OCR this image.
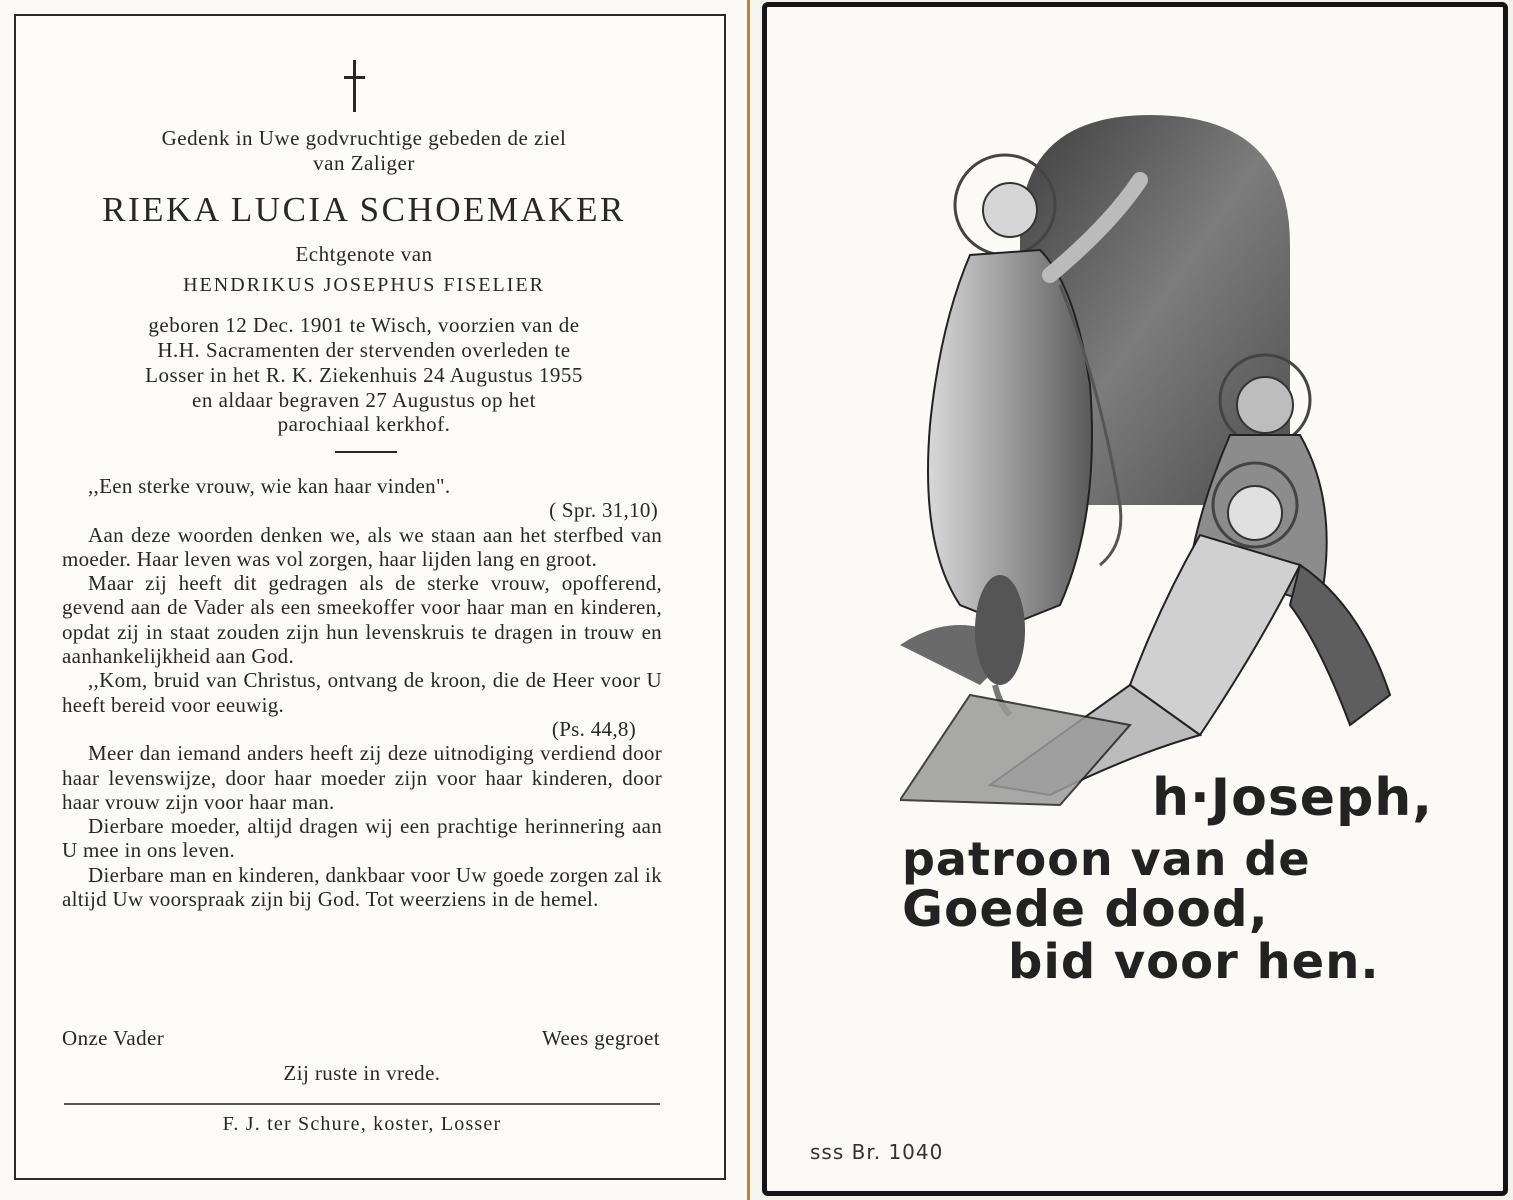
Gedenk in Uwe godvruchtige gebeden de ziel
van Zaliger
RIEKA LUCIA SCHOEMAKER
Echtgenote van
HENDRIKUS JOSEPHUS FISELIER
geboren 12 Dec. 1901 te Wisch, voorzien van de
H.H. Sacramenten der stervenden overleden te
Losser in het R. K. Ziekenhuis 24 Augustus 1955
en aldaar begraven 27 Augustus op het
parochiaal kerkhof.

,,Een sterke vrouw, wie kan haar vinden".

( Spr. 31,10)

Aan deze woorden denken we, als we staan aan het sterfbed van moeder. Haar leven was vol zorgen, haar lijden lang en groot.

Maar zij heeft dit gedragen als de sterke vrouw, opofferend, gevend aan de Vader als een smeekoffer voor haar man en kinderen, opdat zij in staat zouden zijn hun levenskruis te dragen in trouw en aanhankelijkheid aan God.

,,Kom, bruid van Christus, ontvang de kroon, die de Heer voor U heeft bereid voor eeuwig.

(Ps. 44,8)

Meer dan iemand anders heeft zij deze uitnodiging verdiend door haar levenswijze, door haar moeder zijn voor haar kinderen, door haar vrouw zijn voor haar man.

Dierbare moeder, altijd dragen wij een prachtige herinnering aan U mee in ons leven.

Dierbare man en kinderen, dankbaar voor Uw goede zorgen zal ik altijd Uw voorspraak zijn bij God. Tot weerziens in de hemel.

Onze Vader	Wees gegroet
Zij ruste in vrede.
F. J. ter Schure, koster, Losser
h·Joseph,
patroon van de
Goede dood,
bid voor hen.
sss Br. 1040
